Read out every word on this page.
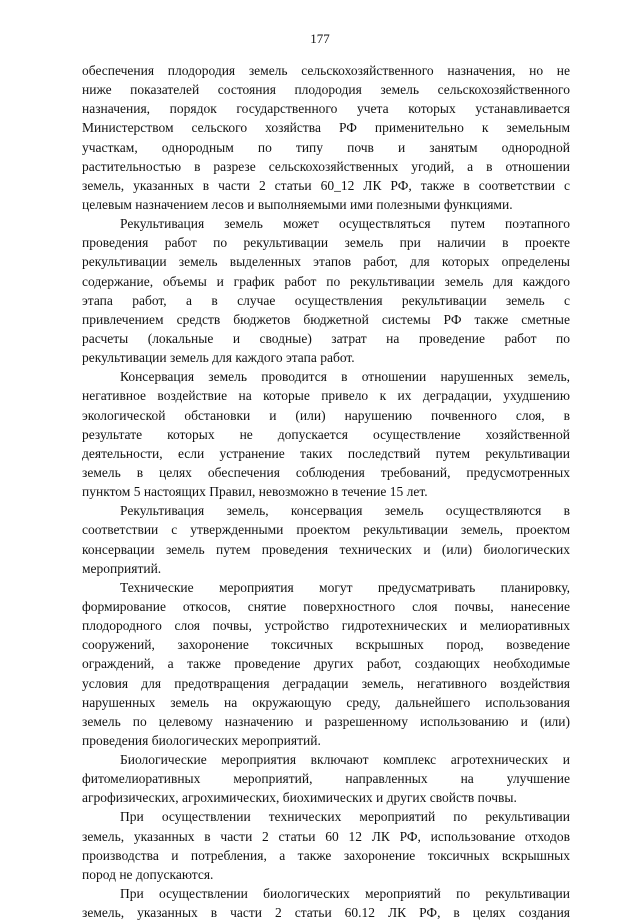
177
обеспечения плодородия земель сельскохозяйственного назначения, но не
ниже показателей состояния плодородия земель сельскохозяйственного
назначения, порядок государственного учета которых устанавливается
Министерством сельского хозяйства РФ применительно к земельным
участкам, однородным по типу почв и занятым однородной
растительностью в разрезе сельскохозяйственных угодий, а в отношении
земель, указанных в части 2 статьи 60_12 ЛК РФ, также в соответствии с
целевым назначением лесов и выполняемыми ими полезными функциями.
Рекультивация земель может осуществляться путем поэтапного
проведения работ по рекультивации земель при наличии в проекте
рекультивации земель выделенных этапов работ, для которых определены
содержание, объемы и график работ по рекультивации земель для каждого
этапа работ, а в случае осуществления рекультивации земель с
привлечением средств бюджетов бюджетной системы РФ также сметные
расчеты (локальные и сводные) затрат на проведение работ по
рекультивации земель для каждого этапа работ.
Консервация земель проводится в отношении нарушенных земель,
негативное воздействие на которые привело к их деградации, ухудшению
экологической обстановки и (или) нарушению почвенного слоя, в
результате которых не допускается осуществление хозяйственной
деятельности, если устранение таких последствий путем рекультивации
земель в целях обеспечения соблюдения требований, предусмотренных
пунктом 5 настоящих Правил, невозможно в течение 15 лет.
Рекультивация земель, консервация земель осуществляются в
соответствии с утвержденными проектом рекультивации земель, проектом
консервации земель путем проведения технических и (или) биологических
мероприятий.
Технические мероприятия могут предусматривать планировку,
формирование откосов, снятие поверхностного слоя почвы, нанесение
плодородного слоя почвы, устройство гидротехнических и мелиоративных
сооружений, захоронение токсичных вскрышных пород, возведение
ограждений, а также проведение других работ, создающих необходимые
условия для предотвращения деградации земель, негативного воздействия
нарушенных земель на окружающую среду, дальнейшего использования
земель по целевому назначению и разрешенному использованию и (или)
проведения биологических мероприятий.
Биологические мероприятия включают комплекс агротехнических и
фитомелиоративных мероприятий, направленных на улучшение
агрофизических, агрохимических, биохимических и других свойств почвы.
При осуществлении технических мероприятий по рекультивации
земель, указанных в части 2 статьи 60 12 ЛК РФ, использование отходов
производства и потребления, а также захоронение токсичных вскрышных
пород не допускаются.
При осуществлении биологических мероприятий по рекультивации
земель, указанных в части 2 статьи 60.12 ЛК РФ, в целях создания
